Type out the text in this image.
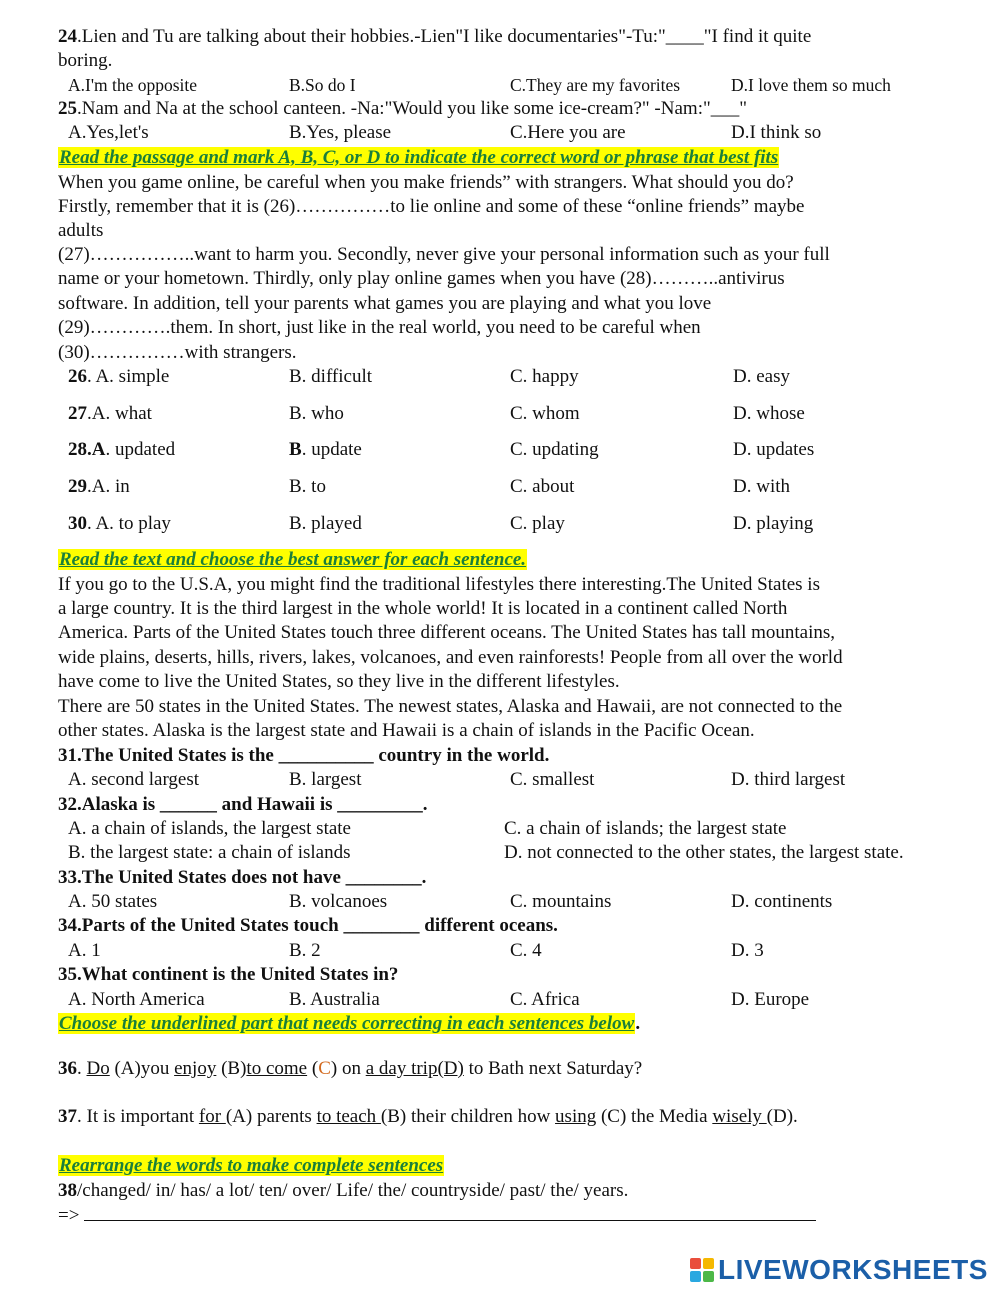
24.Lien and Tu are talking about their hobbies.-Lien"I like documentaries"-Tu:"____"I find it quite
boring.
A.I'm the opposite	B.So do I	C.They are my favorites	D.I love them so much
25.Nam and Na at the school canteen. -Na:"Would you like some ice-cream?" -Nam:"___"
A.Yes,let's	B.Yes, please	C.Here you are	D.I think so
Read the passage and mark A, B, C, or D to indicate the correct word or phrase that best fits
When you game online, be careful when you make friends” with strangers. What should you do?
Firstly, remember that it is (26)……………to lie online and some of these “online friends” maybe
adults
(27)……………..want to harm you. Secondly, never give your personal information such as your full
name or your hometown. Thirdly, only play online games when you have (28)………..antivirus
software. In addition, tell your parents what games you are playing and what you love
(29)………….them. In short, just like in the real world, you need to be careful when
(30)……………with strangers.
26. A. simple	B. difficult	C. happy	D. easy
27.A. what	B. who	C. whom	D. whose
28.A. updated	B. update	C. updating	D. updates
29.A. in	B. to	C. about	D. with
30. A. to play	B. played	C. play	D. playing
Read the text and choose the best answer for each sentence.
If you go to the U.S.A, you might find the traditional lifestyles there interesting.The United States is
a large country. It is the third largest in the whole world! It is located in a continent called North
America. Parts of the United States touch three different oceans. The United States has tall mountains,
wide plains, deserts, hills, rivers, lakes, volcanoes, and even rainforests! People from all over the world
have come to live the United States, so they live in the different lifestyles.
There are 50 states in the United States. The newest states, Alaska and Hawaii, are not connected to the
other states. Alaska is the largest state and Hawaii is a chain of islands in the Pacific Ocean.
31.The United States is the __________ country in the world.
A. second largest	B. largest	C. smallest	D. third largest
32.Alaska is ______ and Hawaii is _________.
A. a chain of islands, the largest state	C. a chain of islands; the largest state
B. the largest state: a chain of islands	D. not connected to the other states, the largest state.
33.The United States does not have ________.
A. 50 states	B. volcanoes	C. mountains	D. continents
34.Parts of the United States touch ________ different oceans.
A. 1	B. 2	C. 4	D. 3
35.What continent is the United States in?
A. North America	B. Australia	C. Africa	D. Europe
Choose the underlined part that needs correcting in each sentences below.
36. Do (A)you enjoy (B)to come (C) on a day trip(D) to Bath next Saturday?
37. It is important for (A) parents to teach (B) their children how using (C) the Media wisely (D).
Rearrange the words to make complete sentences
38/changed/ in/ has/ a lot/ ten/ over/ Life/ the/ countryside/ past/ the/ years.
=>
LIVEWORKSHEETS
